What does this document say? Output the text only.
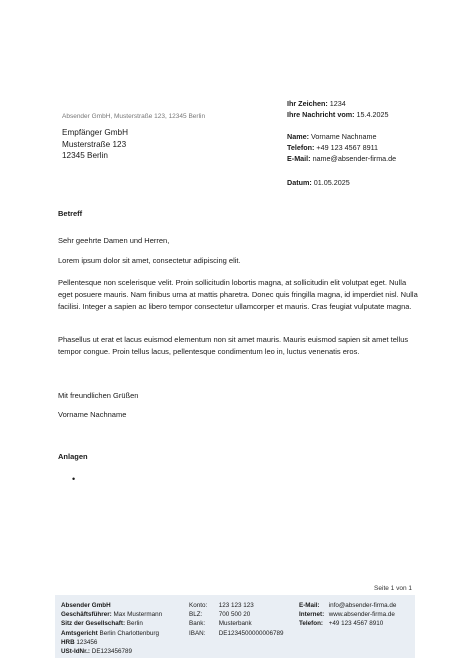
Absender GmbH, Musterstraße 123, 12345 Berlin
Empfänger GmbH
Musterstraße 123
12345 Berlin
Ihr Zeichen: 1234
Ihre Nachricht vom: 15.4.2025
Name: Vorname Nachname
Telefon: +49 123 4567 8911
E-Mail: name@absender-firma.de
Datum: 01.05.2025
Betreff
Sehr geehrte Damen und Herren,
Lorem ipsum dolor sit amet, consectetur adipiscing elit.
Pellentesque non scelerisque velit. Proin sollicitudin lobortis magna, at sollicitudin elit volutpat eget. Nulla eget posuere mauris. Nam finibus urna at mattis pharetra. Donec quis fringilla magna, id imperdiet nisl. Nulla facilisi. Integer a sapien ac libero tempor consectetur ullamcorper et mauris. Cras feugiat vulputate magna.
Phasellus ut erat et lacus euismod elementum non sit amet mauris. Mauris euismod sapien sit amet tellus tempor congue. Proin tellus lacus, pellentesque condimentum leo in, luctus venenatis eros.
Mit freundlichen Grüßen
Vorname Nachname
Anlagen
•
Seite 1 von 1
Absender GmbH
Geschäftsführer: Max Mustermann
Sitz der Gesellschaft: Berlin
Amtsgericht Berlin Charlottenburg
HRB 123456
USt-IdNr.: DE123456789
Konto: 123 123 123
BLZ:	700 500 20
Bank: Musterbank
IBAN: DE1234500000006789
E-Mail: info@absender-firma.de
Internet: www.absender-firma.de
Telefon: +49 123 4567 8910
